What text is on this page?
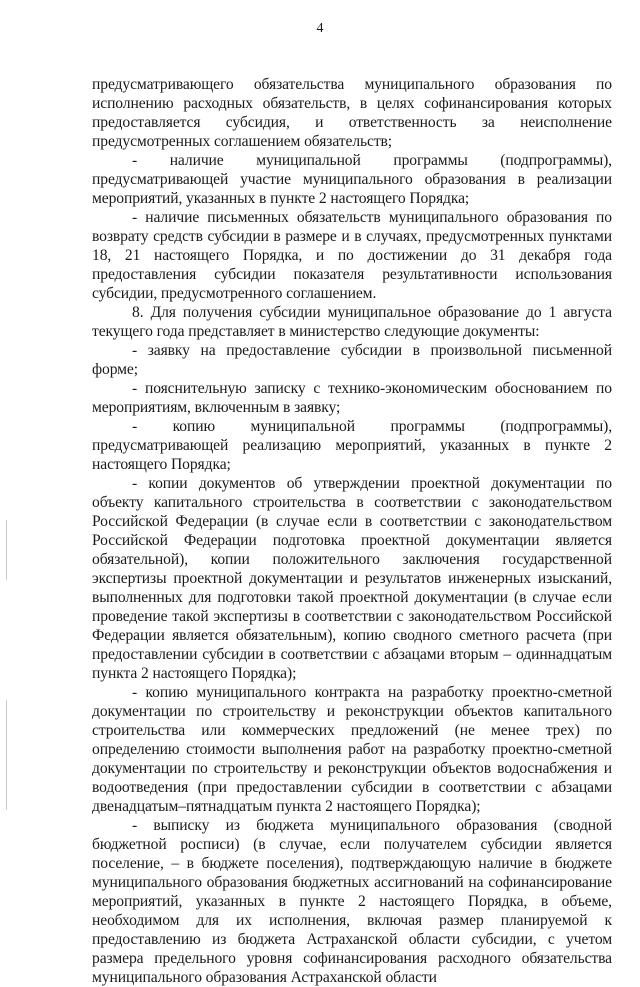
4

предусматривающего обязательства муниципального образования по исполнению расходных обязательств, в целях софинансирования которых предоставляется субсидия, и ответственность за неисполнение предусмотренных соглашением обязательств;

- наличие муниципальной программы (подпрограммы), предусматривающей участие муниципального образования в реализации мероприятий, указанных в пункте 2 настоящего Порядка;

- наличие письменных обязательств муниципального образования по возврату средств субсидии в размере и в случаях, предусмотренных пунктами 18, 21 настоящего Порядка, и по достижении до 31 декабря года предоставления субсидии показателя результативности использования субсидии, предусмотренного соглашением.

8. Для получения субсидии муниципальное образование до 1 августа текущего года представляет в министерство следующие документы:

- заявку на предоставление субсидии в произвольной письменной форме;

- пояснительную записку с технико-экономическим обоснованием по мероприятиям, включенным в заявку;

- копию муниципальной программы (подпрограммы), предусматривающей реализацию мероприятий, указанных в пункте 2 настоящего Порядка;

- копии документов об утверждении проектной документации по объекту капитального строительства в соответствии с законодательством Российской Федерации (в случае если в соответствии с законодательством Российской Федерации подготовка проектной документации является обязательной), копии положительного заключения государственной экспертизы проектной документации и результатов инженерных изысканий, выполненных для подготовки такой проектной документации (в случае если проведение такой экспертизы в соответствии с законодательством Российской Федерации является обязательным), копию сводного сметного расчета (при предоставлении субсидии в соответствии с абзацами вторым – одиннадцатым пункта 2 настоящего Порядка);

- копию муниципального контракта на разработку проектно-сметной документации по строительству и реконструкции объектов капитального строительства или коммерческих предложений (не менее трех) по определению стоимости выполнения работ на разработку проектно-сметной документации по строительству и реконструкции объектов водоснабжения и водоотведения (при предоставлении субсидии в соответствии с абзацами двенадцатым–пятнадцатым пункта 2 настоящего Порядка);

- выписку из бюджета муниципального образования (сводной бюджетной росписи) (в случае, если получателем субсидии является поселение, – в бюджете поселения), подтверждающую наличие в бюджете муниципального образования бюджетных ассигнований на софинансирование мероприятий, указанных в пункте 2 настоящего Порядка, в объеме, необходимом для их исполнения, включая размер планируемой к предоставлению из бюджета Астраханской области субсидии, с учетом размера предельного уровня софинансирования расходного обязательства муниципального образования Астраханской области
